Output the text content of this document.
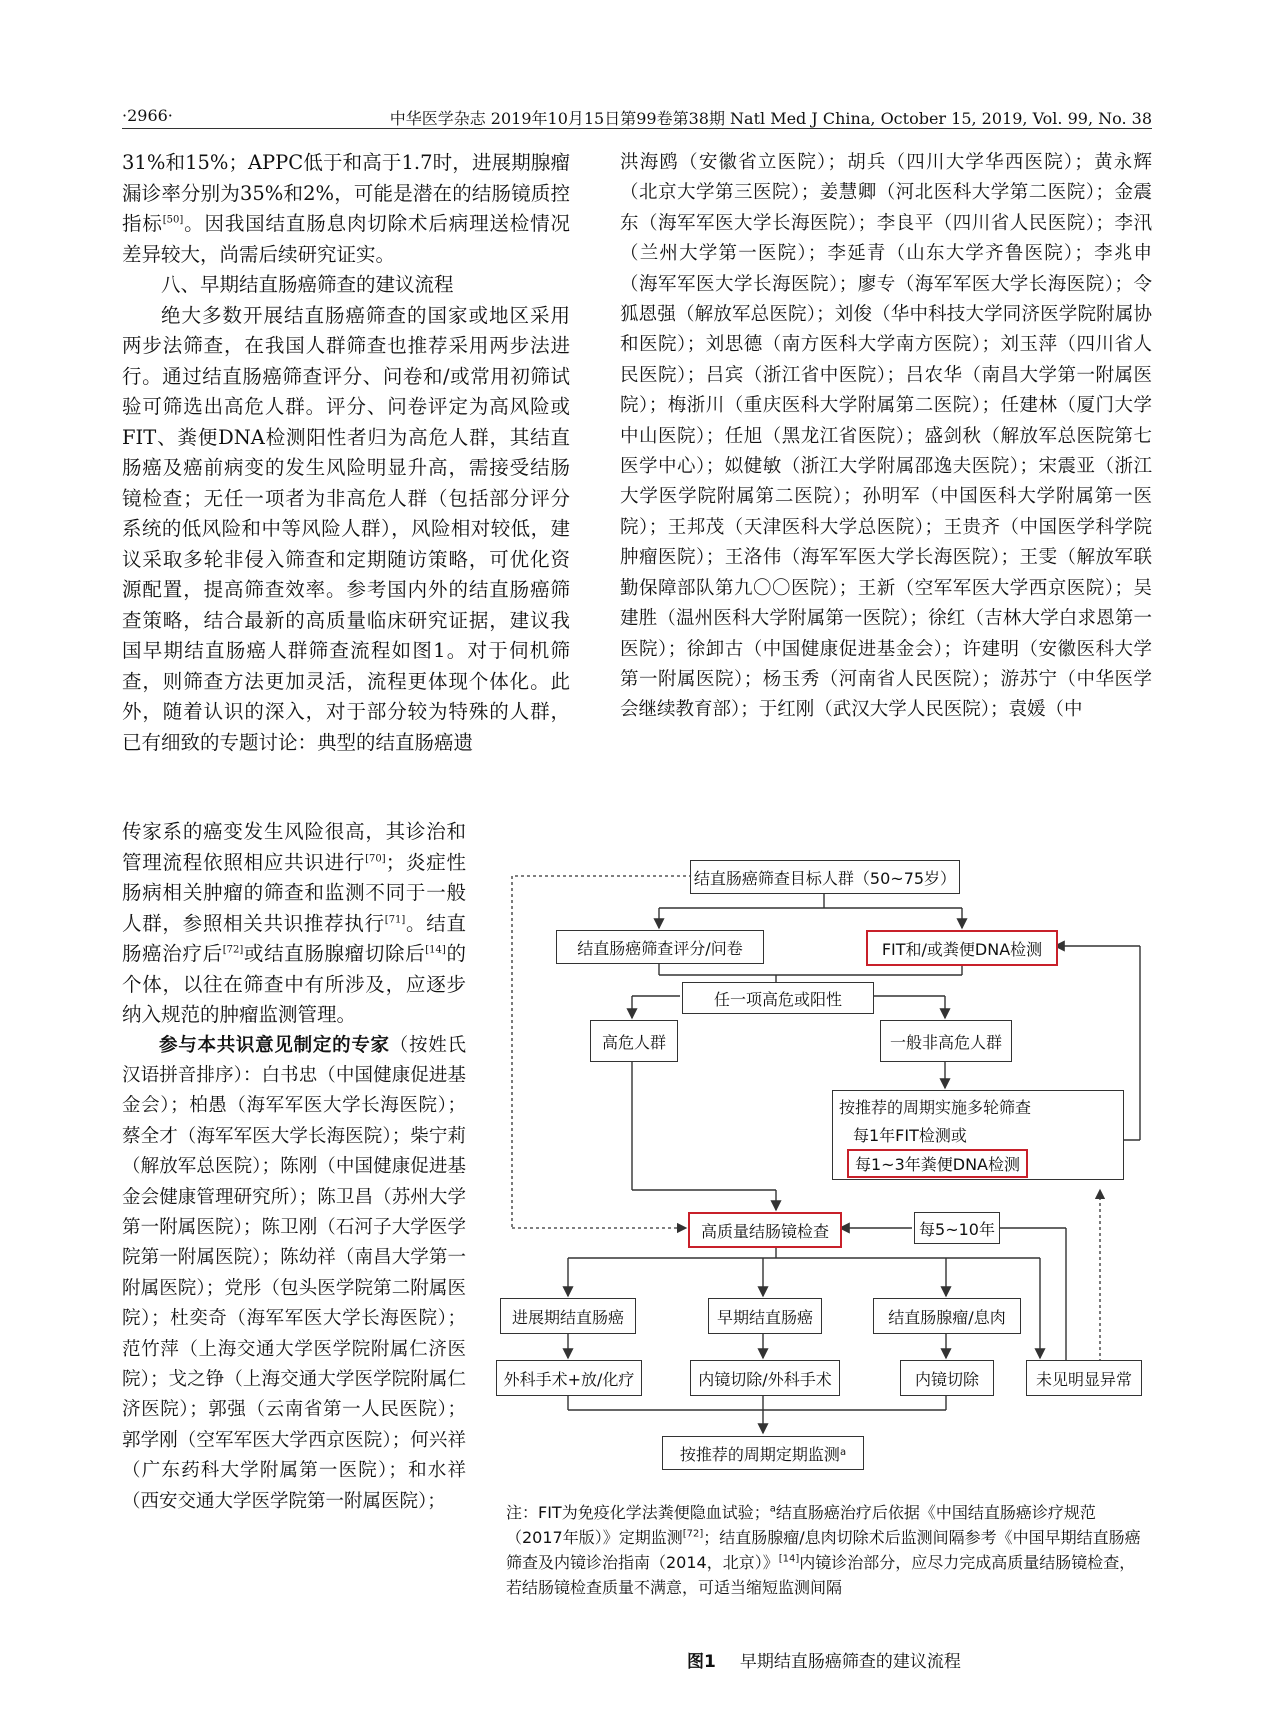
·2966·	中华医学杂志 2019年10月15日第99卷第38期 Natl Med J China, October 15, 2019, Vol. 99, No. 38

31%和15%；APPC低于和高于1.7时，进展期腺瘤漏诊率分别为35%和2%，可能是潜在的结肠镜质控指标[50]。因我国结直肠息肉切除术后病理送检情况差异较大，尚需后续研究证实。

八、早期结直肠癌筛查的建议流程

绝大多数开展结直肠癌筛查的国家或地区采用两步法筛查，在我国人群筛查也推荐采用两步法进行。通过结直肠癌筛查评分、问卷和/或常用初筛试验可筛选出高危人群。评分、问卷评定为高风险或FIT、粪便DNA检测阳性者归为高危人群，其结直肠癌及癌前病变的发生风险明显升高，需接受结肠镜检查；无任一项者为非高危人群（包括部分评分系统的低风险和中等风险人群），风险相对较低，建议采取多轮非侵入筛查和定期随访策略，可优化资源配置，提高筛查效率。参考国内外的结直肠癌筛查策略，结合最新的高质量临床研究证据，建议我国早期结直肠癌人群筛查流程如图1。对于伺机筛查，则筛查方法更加灵活，流程更体现个体化。此外，随着认识的深入，对于部分较为特殊的人群，已有细致的专题讨论：典型的结直肠癌遗

传家系的癌变发生风险很高，其诊治和管理流程依照相应共识进行[70]；炎症性肠病相关肿瘤的筛查和监测不同于一般人群，参照相关共识推荐执行[71]。结直肠癌治疗后[72]或结直肠腺瘤切除后[14]的个体，以往在筛查中有所涉及，应逐步纳入规范的肿瘤监测管理。

参与本共识意见制定的专家（按姓氏汉语拼音排序）：白书忠（中国健康促进基金会）；柏愚（海军军医大学长海医院）；蔡全才（海军军医大学长海医院）；柴宁莉（解放军总医院）；陈刚（中国健康促进基金会健康管理研究所）；陈卫昌（苏州大学第一附属医院）；陈卫刚（石河子大学医学院第一附属医院）；陈幼祥（南昌大学第一附属医院）；党彤（包头医学院第二附属医院）；杜奕奇（海军军医大学长海医院）；范竹萍（上海交通大学医学院附属仁济医院）；戈之铮（上海交通大学医学院附属仁济医院）；郭强（云南省第一人民医院）；郭学刚（空军军医大学西京医院）；何兴祥（广东药科大学附属第一医院）；和水祥（西安交通大学医学院第一附属医院）；

洪海鸥（安徽省立医院）；胡兵（四川大学华西医院）；黄永辉（北京大学第三医院）；姜慧卿（河北医科大学第二医院）；金震东（海军军医大学长海医院）；李良平（四川省人民医院）；李汛（兰州大学第一医院）；李延青（山东大学齐鲁医院）；李兆申（海军军医大学长海医院）；廖专（海军军医大学长海医院）；令狐恩强（解放军总医院）；刘俊（华中科技大学同济医学院附属协和医院）；刘思德（南方医科大学南方医院）；刘玉萍（四川省人民医院）；吕宾（浙江省中医院）；吕农华（南昌大学第一附属医院）；梅浙川（重庆医科大学附属第二医院）；任建林（厦门大学中山医院）；任旭（黑龙江省医院）；盛剑秋（解放军总医院第七医学中心）；姒健敏（浙江大学附属邵逸夫医院）；宋震亚（浙江大学医学院附属第二医院）；孙明军（中国医科大学附属第一医院）；王邦茂（天津医科大学总医院）；王贵齐（中国医学科学院肿瘤医院）；王洛伟（海军军医大学长海医院）；王雯（解放军联勤保障部队第九〇〇医院）；王新（空军军医大学西京医院）；吴建胜（温州医科大学附属第一医院）；徐红（吉林大学白求恩第一医院）；徐卸古（中国健康促进基金会）；许建明（安徽医科大学第一附属医院）；杨玉秀（河南省人民医院）；游苏宁（中华医学会继续教育部）；于红刚（武汉大学人民医院）；袁媛（中

结直肠癌筛查目标人群（50~75岁）
结直肠癌筛查评分/问卷	FIT和/或粪便DNA检测
任一项高危或阳性
高危人群	一般非高危人群
按推荐的周期实施多轮筛查
每1年FIT检测或
每1~3年粪便DNA检测
高质量结肠镜检查	每5~10年
进展期结直肠癌	早期结直肠癌	结直肠腺瘤/息肉
外科手术+放/化疗	内镜切除/外科手术	内镜切除	未见明显异常
按推荐的周期定期监测 a
注：FIT为免疫化学法粪便隐血试验；$^a$结直肠癌治疗后依据《中国结直肠癌诊疗规范（2017年版）》定期监测[72]；结直肠腺瘤/息肉切除术后监测间隔参考《中国早期结直肠癌筛查及内镜诊治指南（2014，北京）》[14]内镜诊治部分，应尽力完成高质量结肠镜检查，若结肠镜检查质量不满意，可适当缩短监测间隔
图1 早期结直肠癌筛查的建议流程
